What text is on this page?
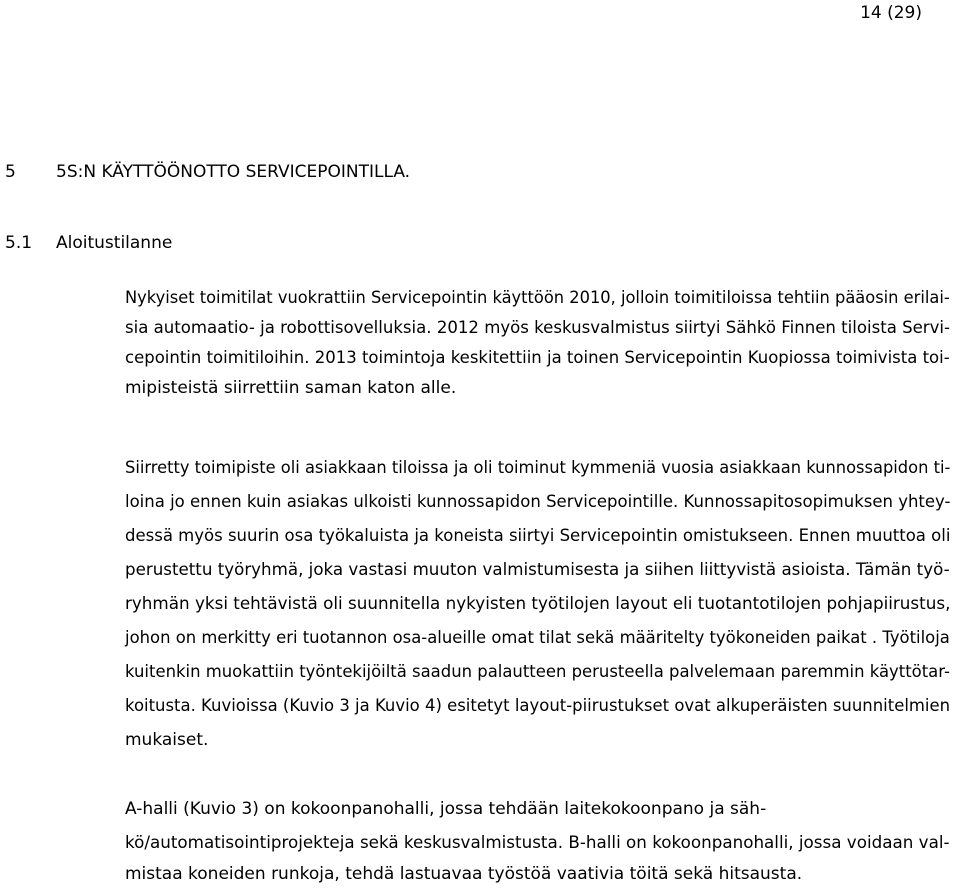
14 (29)
5 5S:N KÄYTTÖÖNOTTO SERVICEPOINTILLA.
5.1 Aloitustilanne
Nykyiset toimitilat vuokrattiin Servicepointin käyttöön 2010, jolloin toimitiloissa tehtiin pääosin erilai-
sia automaatio- ja robottisovelluksia. 2012 myös keskusvalmistus siirtyi Sähkö Finnen tiloista Servi-
cepointin toimitiloihin. 2013 toimintoja keskitettiin ja toinen Servicepointin Kuopiossa toimivista toi-
mipisteistä siirrettiin saman katon alle.
Siirretty toimipiste oli asiakkaan tiloissa ja oli toiminut kymmeniä vuosia asiakkaan kunnossapidon ti-
loina jo ennen kuin asiakas ulkoisti kunnossapidon Servicepointille. Kunnossapitosopimuksen yhtey-
dessä myös suurin osa työkaluista ja koneista siirtyi Servicepointin omistukseen. Ennen muuttoa oli
perustettu työryhmä, joka vastasi muuton valmistumisesta ja siihen liittyvistä asioista. Tämän työ-
ryhmän yksi tehtävistä oli suunnitella nykyisten työtilojen layout eli tuotantotilojen pohjapiirustus,
johon on merkitty eri tuotannon osa-alueille omat tilat sekä määritelty työkoneiden paikat . Työtiloja
kuitenkin muokattiin työntekijöiltä saadun palautteen perusteella palvelemaan paremmin käyttötar-
koitusta. Kuvioissa (Kuvio 3 ja Kuvio 4) esitetyt layout-piirustukset ovat alkuperäisten suunnitelmien
mukaiset.
A-halli (Kuvio 3) on kokoonpanohalli, jossa tehdään laitekokoonpano ja säh-
kö/automatisointiprojekteja sekä keskusvalmistusta. B-halli on kokoonpanohalli, jossa voidaan val-
mistaa koneiden runkoja, tehdä lastuavaa työstöä vaativia töitä sekä hitsausta.
